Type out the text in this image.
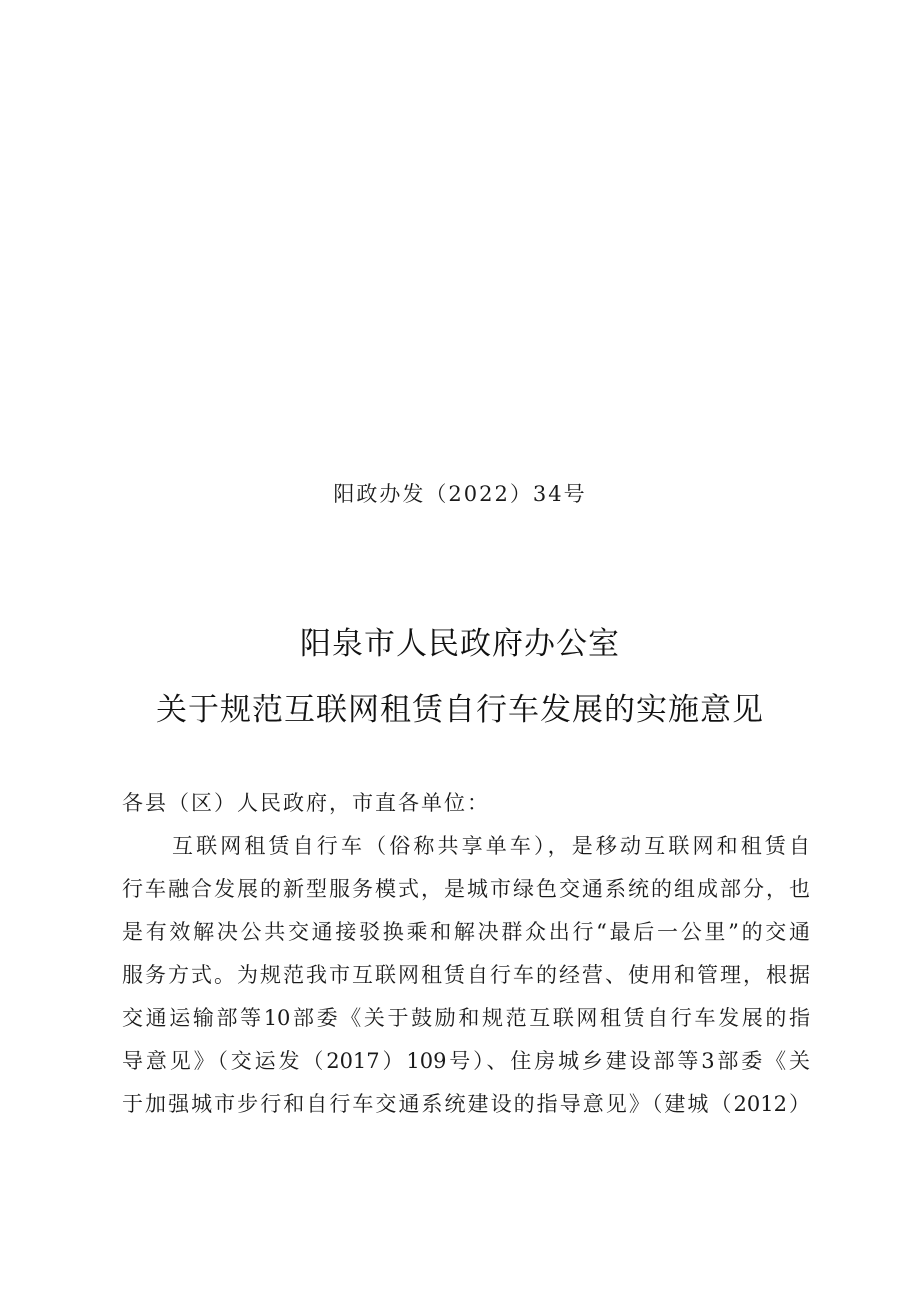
阳政办发（2022）34号
阳泉市人民政府办公室
关于规范互联网租赁自行车发展的实施意见
各县（区）人民政府，市直各单位：
互联网租赁自行车（俗称共享单车），是移动互联网和租赁自
行车融合发展的新型服务模式，是城市绿色交通系统的组成部分，也
是有效解决公共交通接驳换乘和解决群众出行“最后一公里”的交通
服务方式。为规范我市互联网租赁自行车的经营、使用和管理，根据
交通运输部等10部委《关于鼓励和规范互联网租赁自行车发展的指
导意见》（交运发（2017）109号）、住房城乡建设部等3部委《关
于加强城市步行和自行车交通系统建设的指导意见》（建城（2012）
